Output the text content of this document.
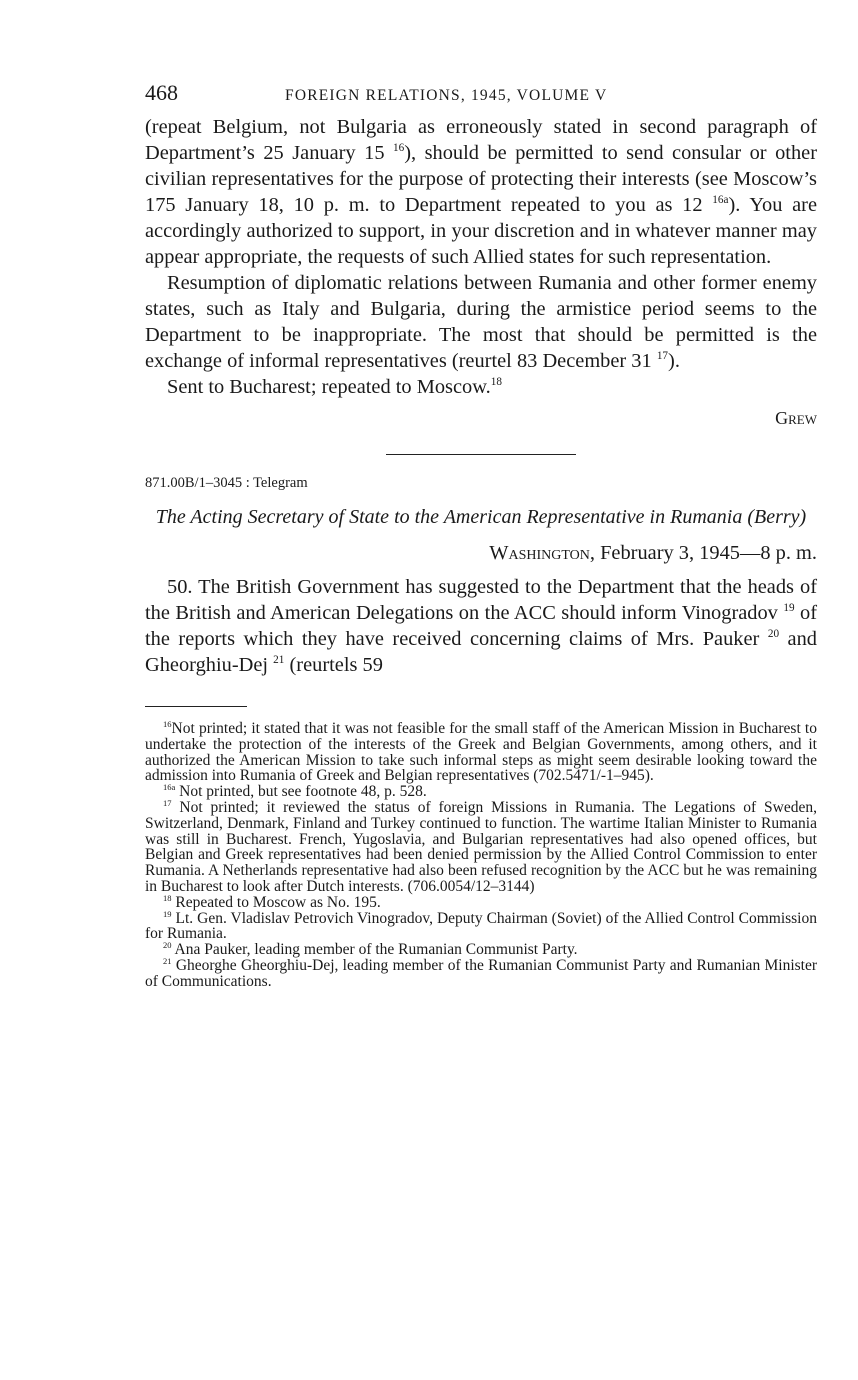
468	FOREIGN RELATIONS, 1945, VOLUME V

(repeat Belgium, not Bulgaria as erroneously stated in second paragraph of Department’s 25 January 15 $^{16}$), should be permitted to send consular or other civilian representatives for the purpose of protecting their interests (see Moscow’s 175 January 18, 10 p. m. to Department repeated to you as 12 $^{16a}$). You are accordingly authorized to support, in your discretion and in whatever manner may appear appropriate, the requests of such Allied states for such representation.

Resumption of diplomatic relations between Rumania and other former enemy states, such as Italy and Bulgaria, during the armistice period seems to the Department to be inappropriate. The most that should be permitted is the exchange of informal representatives (reurtel 83 December 31 $^{17}$).

Sent to Bucharest; repeated to Moscow.$^{18}$

Grew

871.00B/1–3045 : Telegram

The Acting Secretary of State to the American Representative in Rumania (Berry)

Washington, February 3, 1945—8 p. m.

50. The British Government has suggested to the Department that the heads of the British and American Delegations on the ACC should inform Vinogradov $^{19}$ of the reports which they have received concerning claims of Mrs. Pauker $^{20}$ and Gheorghiu-Dej $^{21}$ (reurtels 59

$^{16}$Not printed; it stated that it was not feasible for the small staff of the American Mission in Bucharest to undertake the protection of the interests of the Greek and Belgian Governments, among others, and it authorized the American Mission to take such informal steps as might seem desirable looking toward the admission into Rumania of Greek and Belgian representatives (702.5471/-1–945).

$^{16a}$ Not printed, but see footnote 48, p. 528.

$^{17}$ Not printed; it reviewed the status of foreign Missions in Rumania. The Legations of Sweden, Switzerland, Denmark, Finland and Turkey continued to function. The wartime Italian Minister to Rumania was still in Bucharest. French, Yugoslavia, and Bulgarian representatives had also opened offices, but Belgian and Greek representatives had been denied permission by the Allied Control Commission to enter Rumania. A Netherlands representative had also been refused recognition by the ACC but he was remaining in Bucharest to look after Dutch interests. (706.0054/12–3144)

$^{18}$ Repeated to Moscow as No. 195.

$^{19}$ Lt. Gen. Vladislav Petrovich Vinogradov, Deputy Chairman (Soviet) of the Allied Control Commission for Rumania.

$^{20}$ Ana Pauker, leading member of the Rumanian Communist Party.

$^{21}$ Gheorghe Gheorghiu-Dej, leading member of the Rumanian Communist Party and Rumanian Minister of Communications.
